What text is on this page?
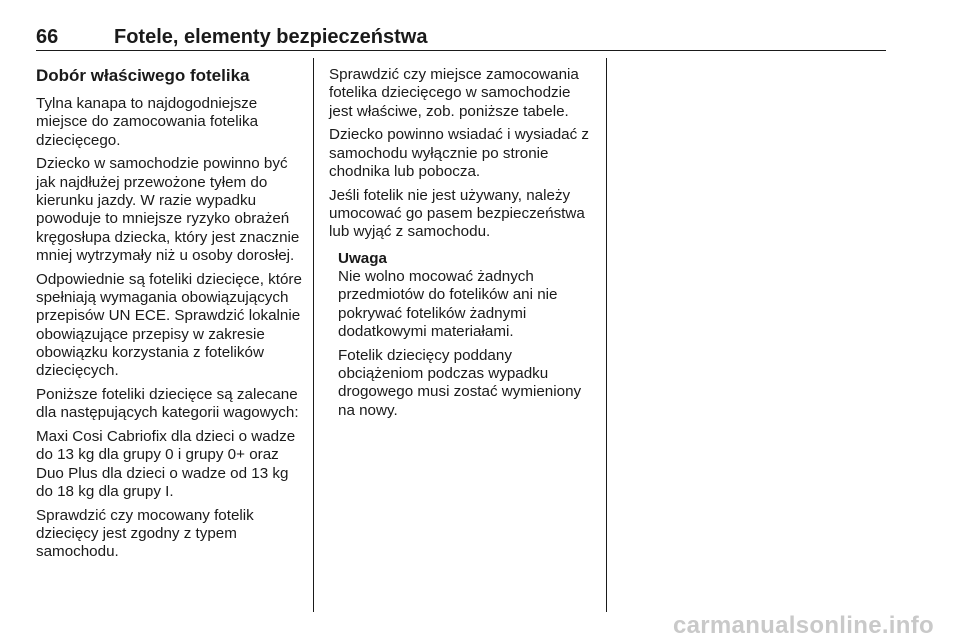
66	Fotele, elementy bezpieczeństwa
Dobór właściwego fotelika

Tylna kanapa to najdogodniejsze miejsce do zamocowania fotelika dziecięcego.

Dziecko w samochodzie powinno być jak najdłużej przewożone tyłem do kierunku jazdy. W razie wypadku powoduje to mniejsze ryzyko obrażeń kręgosłupa dziecka, który jest znacznie mniej wytrzymały niż u osoby dorosłej.

Odpowiednie są foteliki dziecięce, które spełniają wymagania obowiązujących przepisów UN ECE. Sprawdzić lokalnie obowiązujące przepisy w zakresie obowiązku korzystania z fotelików dziecięcych.

Poniższe foteliki dziecięce są zalecane dla następujących kategorii wagowych:

Maxi Cosi Cabriofix dla dzieci o wadze do 13 kg dla grupy 0 i grupy 0+ oraz Duo Plus dla dzieci o wadze od 13 kg do 18 kg dla grupy I.

Sprawdzić czy mocowany fotelik dziecięcy jest zgodny z typem samochodu.

Sprawdzić czy miejsce zamocowania fotelika dziecięcego w samochodzie jest właściwe, zob. poniższe tabele.

Dziecko powinno wsiadać i wysiadać z samochodu wyłącznie po stronie chodnika lub pobocza.

Jeśli fotelik nie jest używany, należy umocować go pasem bezpieczeństwa lub wyjąć z samochodu.

Uwaga

Nie wolno mocować żadnych przedmiotów do fotelików ani nie pokrywać fotelików żadnymi dodatkowymi materiałami.

Fotelik dziecięcy poddany obciążeniom podczas wypadku drogowego musi zostać wymieniony na nowy.

carmanualsonline.info
